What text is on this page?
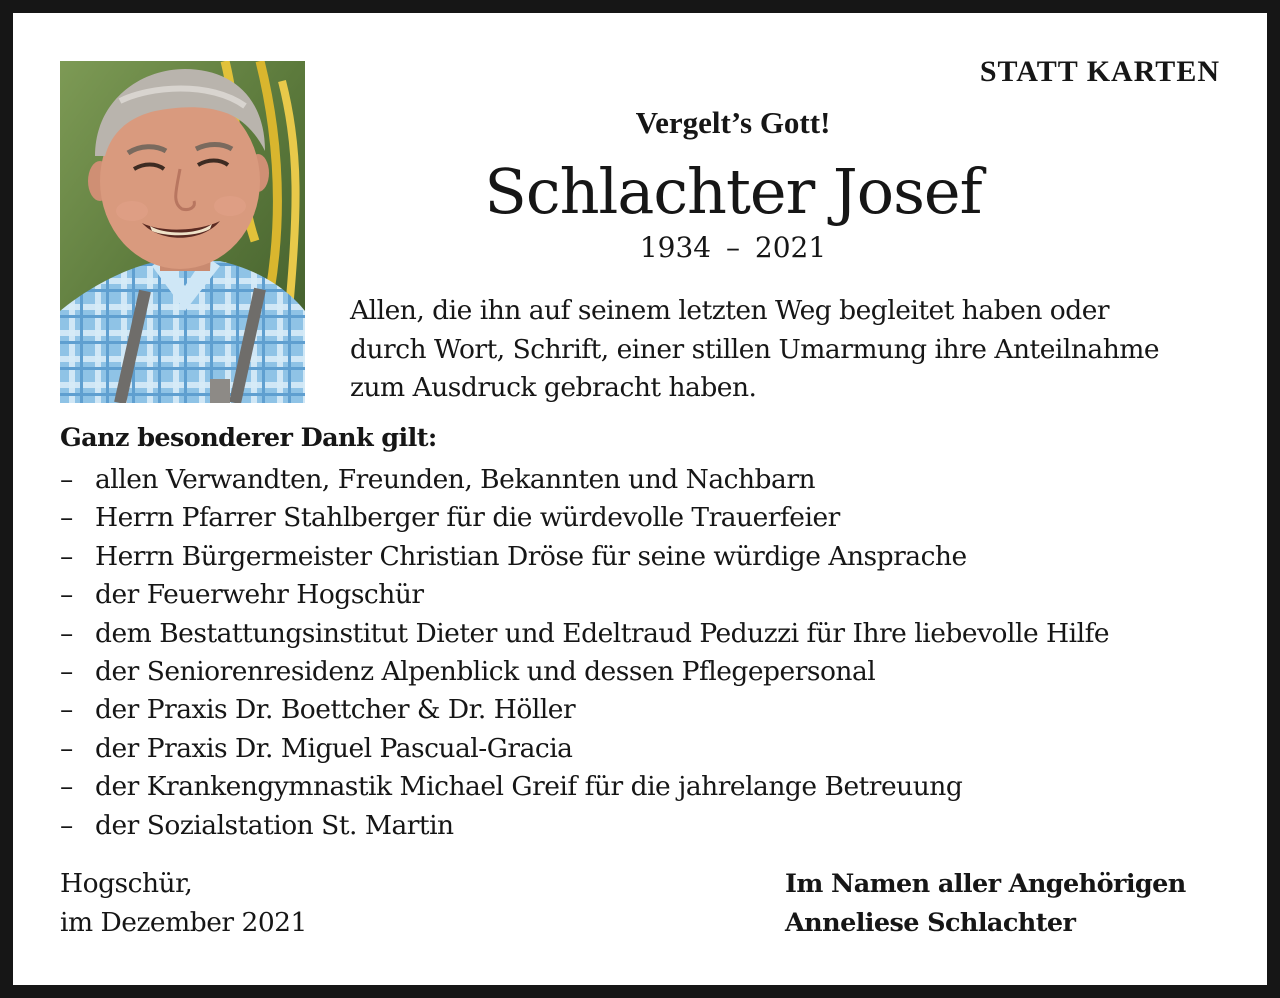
STATT KARTEN
Vergelt’s Gott!
Schlachter Josef
1934 – 2021
Allen, die ihn auf seinem letzten Weg begleitet haben oder
durch Wort, Schrift, einer stillen Umarmung ihre Anteilnahme
zum Ausdruck gebracht haben.
Ganz besonderer Dank gilt:
– allen Verwandten, Freunden, Bekannten und Nachbarn
– Herrn Pfarrer Stahlberger für die würdevolle Trauerfeier
– Herrn Bürgermeister Christian Dröse für seine würdige Ansprache
– der Feuerwehr Hogschür
– dem Bestattungsinstitut Dieter und Edeltraud Peduzzi für Ihre liebevolle Hilfe
– der Seniorenresidenz Alpenblick und dessen Pflegepersonal
– der Praxis Dr. Boettcher & Dr. Höller
– der Praxis Dr. Miguel Pascual-Gracia
– der Krankengymnastik Michael Greif für die jahrelange Betreuung
– der Sozialstation St. Martin
Hogschür,
im Dezember 2021
Im Namen aller Angehörigen
Anneliese Schlachter
